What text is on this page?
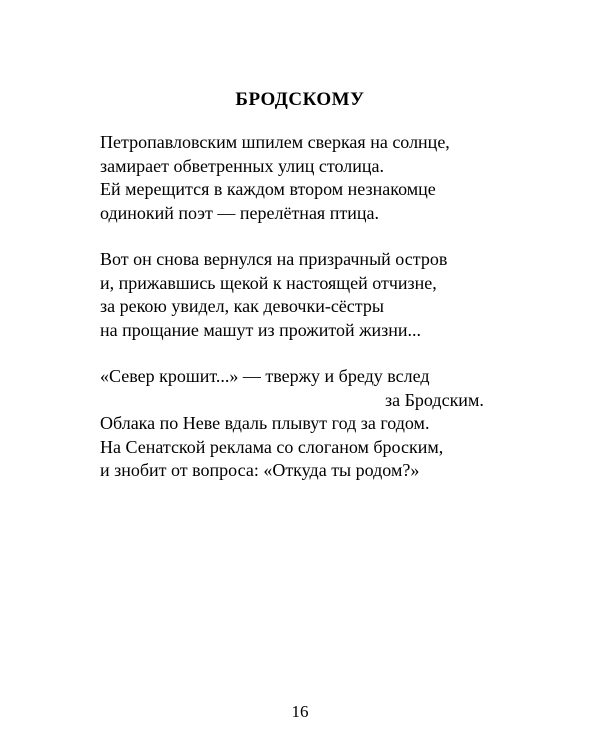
БРОДСКОМУ
Петропавловским шпилем сверкая на солнце,
замирает обветренных улиц столица.
Ей мерещится в каждом втором незнакомце
одинокий поэт — перелётная птица.
Вот он снова вернулся на призрачный остров
и, прижавшись щекой к настоящей отчизне,
за рекою увидел, как девочки-сёстры
на прощание машут из прожитой жизни...
«Север крошит...» — твержу и бреду вслед
за Бродским.
Облака по Неве вдаль плывут год за годом.
На Сенатской реклама со слоганом броским,
и знобит от вопроса: «Откуда ты родом?»
16
